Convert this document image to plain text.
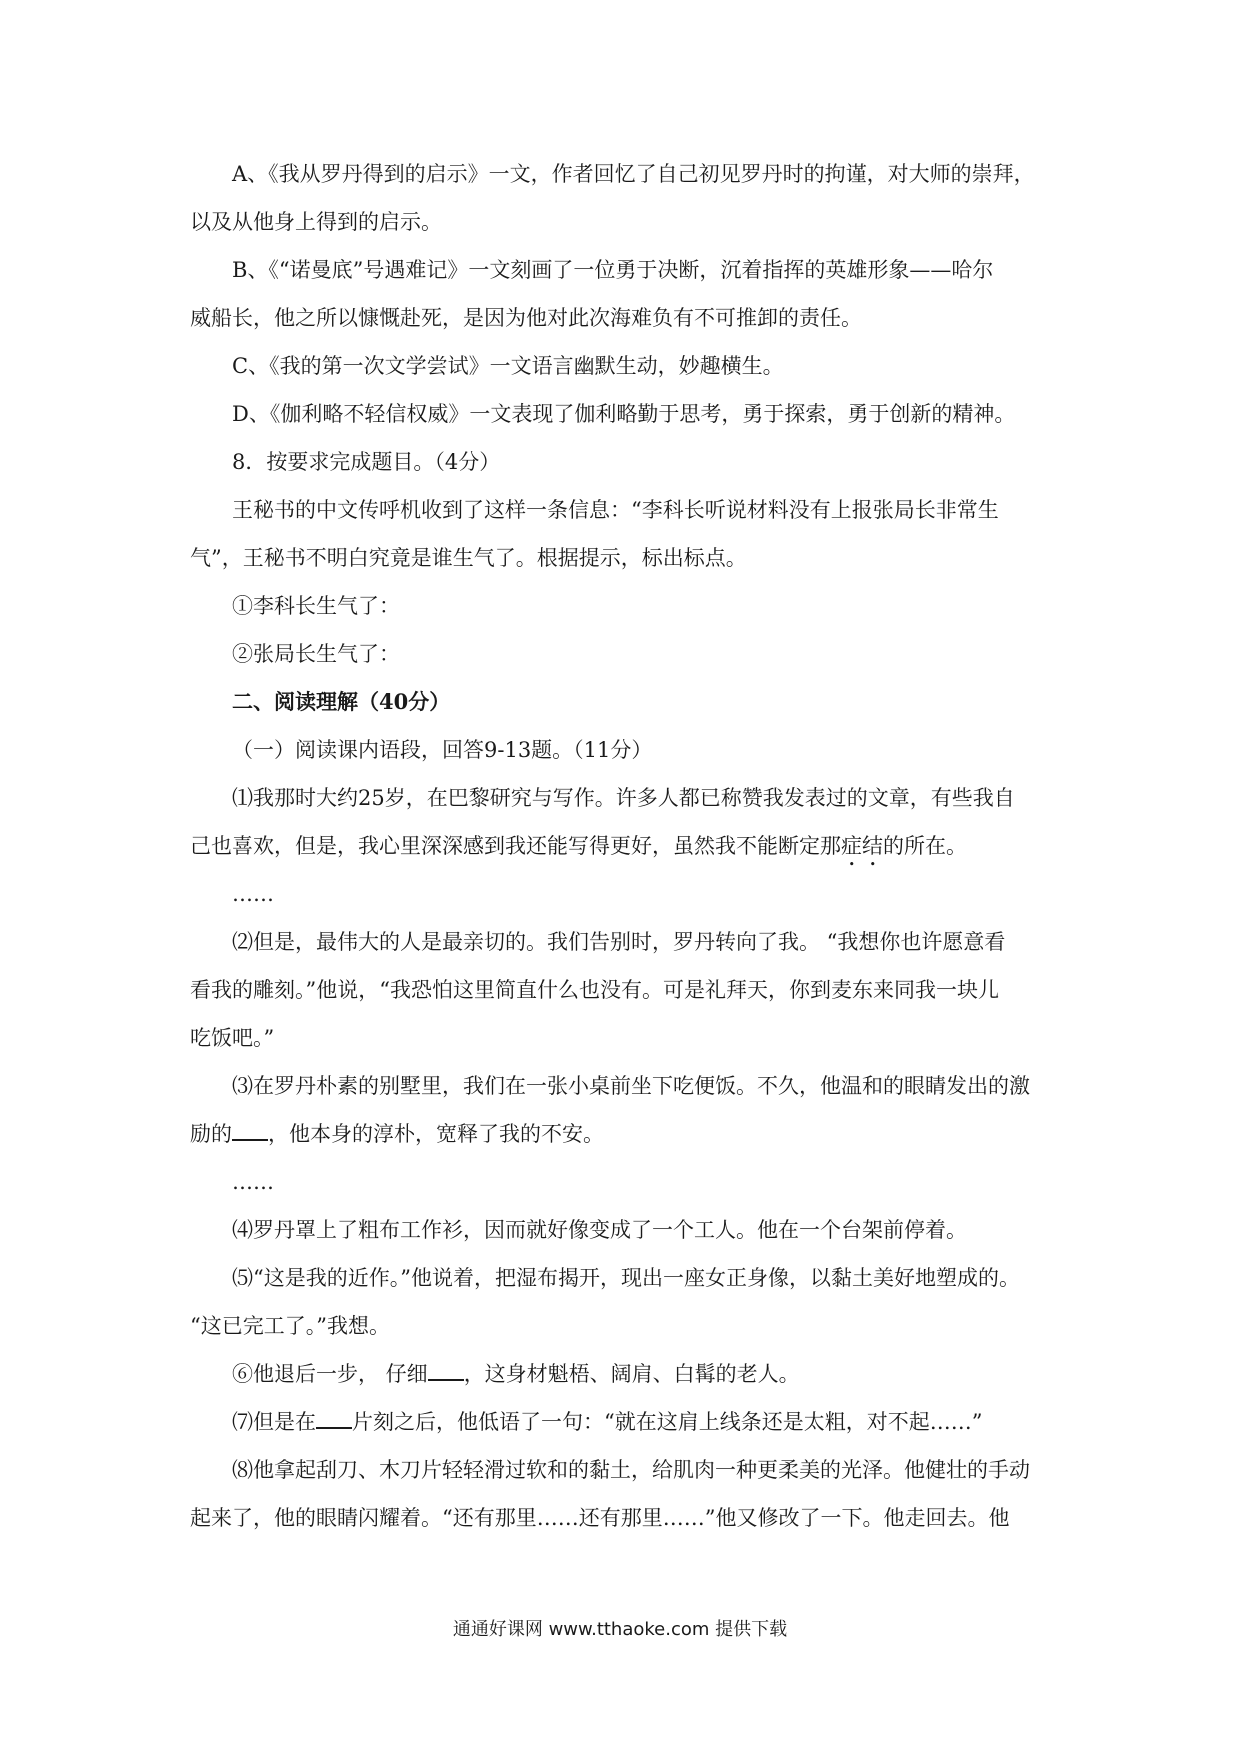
A、《我从罗丹得到的启示》一文，作者回忆了自己初见罗丹时的拘谨，对大师的崇拜，
以及从他身上得到的启示。
B、《“诺曼底”号遇难记》一文刻画了一位勇于决断，沉着指挥的英雄形象——哈尔
威船长，他之所以慷慨赴死，是因为他对此次海难负有不可推卸的责任。
C、《我的第一次文学尝试》一文语言幽默生动，妙趣横生。
D、《伽利略不轻信权威》一文表现了伽利略勤于思考，勇于探索，勇于创新的精神。
8．按要求完成题目。（4分）
王秘书的中文传呼机收到了这样一条信息：“李科长听说材料没有上报张局长非常生
气”，王秘书不明白究竟是谁生气了。根据提示，标出标点。
①李科长生气了：
②张局长生气了：
二、阅读理解（40分）
（一）阅读课内语段，回答9-13题。（11分）
⑴我那时大约25岁，在巴黎研究与写作。许多人都已称赞我发表过的文章，有些我自
己也喜欢，但是，我心里深深感到我还能写得更好，虽然我不能断定那症结的所在。
……
⑵但是，最伟大的人是最亲切的。我们告别时，罗丹转向了我。 “我想你也许愿意看
看我的雕刻。”他说，“我恐怕这里简直什么也没有。可是礼拜天，你到麦东来同我一块儿
吃饭吧。”
⑶在罗丹朴素的别墅里，我们在一张小桌前坐下吃便饭。不久，他温和的眼睛发出的激
励的 ，他本身的淳朴，宽释了我的不安。
……
⑷罗丹罩上了粗布工作衫，因而就好像变成了一个工人。他在一个台架前停着。
⑸“这是我的近作。”他说着，把湿布揭开，现出一座女正身像，以黏土美好地塑成的。
“这已完工了。”我想。
⑥他退后一步， 仔细 ，这身材魁梧、阔肩、白髯的老人。
⑺但是在 片刻之后，他低语了一句：“就在这肩上线条还是太粗，对不起……”
⑻他拿起刮刀、木刀片轻轻滑过软和的黏土，给肌肉一种更柔美的光泽。他健壮的手动
起来了，他的眼睛闪耀着。“还有那里……还有那里……”他又修改了一下。他走回去。他
通通好课网 www.tthaoke.com 提供下载
